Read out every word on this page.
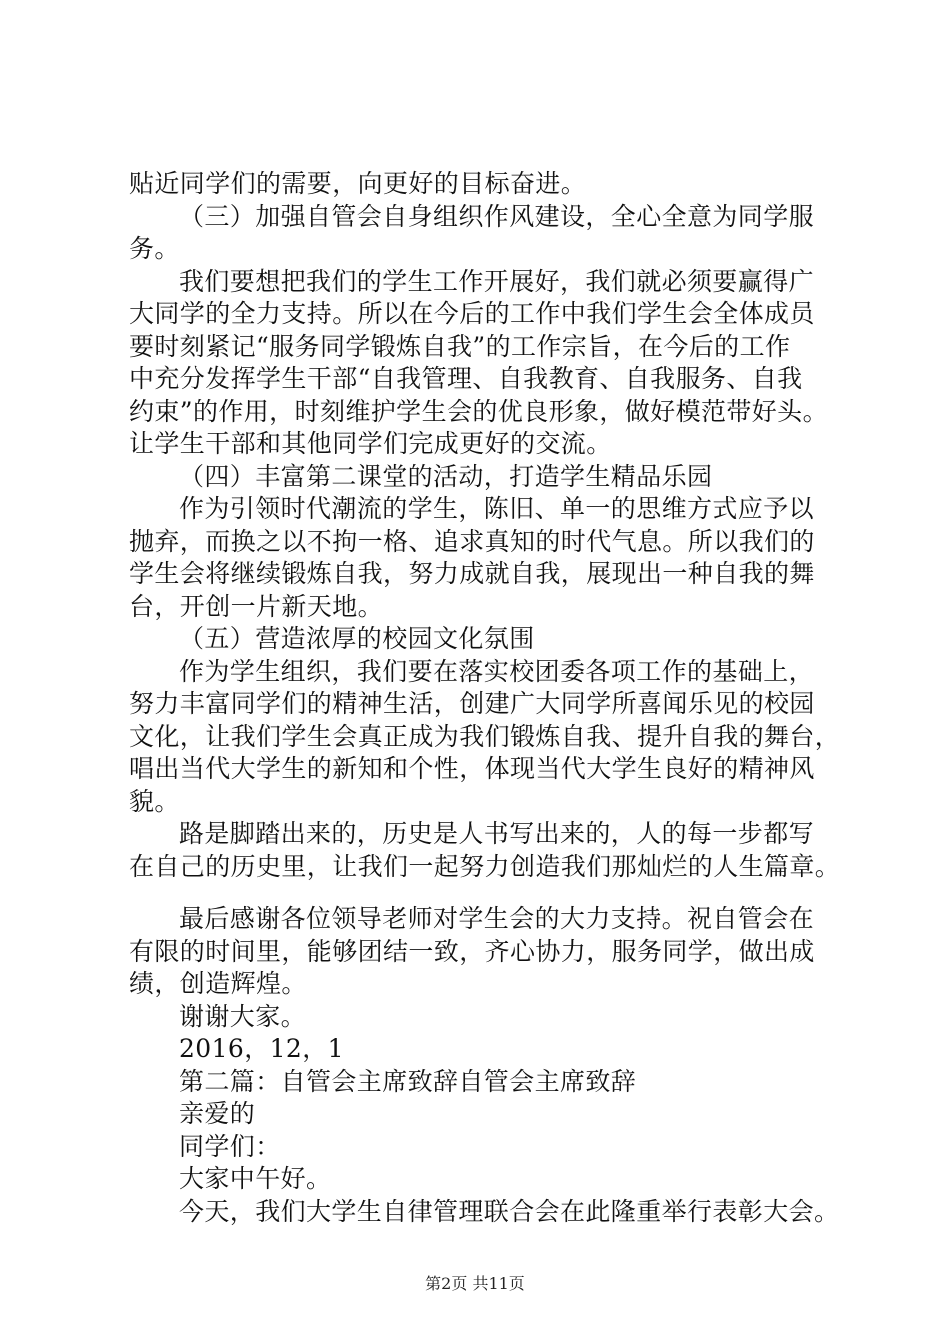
贴近同学们的需要，向更好的目标奋进。
（三）加强自管会自身组织作风建设，全心全意为同学服
务。
我们要想把我们的学生工作开展好，我们就必须要赢得广
大同学的全力支持。所以在今后的工作中我们学生会全体成员
要时刻紧记“服务同学锻炼自我”的工作宗旨，在今后的工作
中充分发挥学生干部“自我管理、自我教育、自我服务、自我
约束”的作用，时刻维护学生会的优良形象，做好模范带好头。
让学生干部和其他同学们完成更好的交流。
（四）丰富第二课堂的活动，打造学生精品乐园
作为引领时代潮流的学生，陈旧、单一的思维方式应予以
抛弃，而换之以不拘一格、追求真知的时代气息。所以我们的
学生会将继续锻炼自我，努力成就自我，展现出一种自我的舞
台，开创一片新天地。
（五）营造浓厚的校园文化氛围
作为学生组织，我们要在落实校团委各项工作的基础上，
努力丰富同学们的精神生活，创建广大同学所喜闻乐见的校园
文化，让我们学生会真正成为我们锻炼自我、提升自我的舞台，
唱出当代大学生的新知和个性，体现当代大学生良好的精神风
貌。
路是脚踏出来的，历史是人书写出来的，人的每一步都写
在自己的历史里，让我们一起努力创造我们那灿烂的人生篇章。
最后感谢各位领导老师对学生会的大力支持。祝自管会在
有限的时间里，能够团结一致，齐心协力，服务同学，做出成
绩，创造辉煌。
谢谢大家。
2016，12，1
第二篇：自管会主席致辞自管会主席致辞
亲爱的
同学们：
大家中午好。
今天，我们大学生自律管理联合会在此隆重举行表彰大会。
第2页 共11页
